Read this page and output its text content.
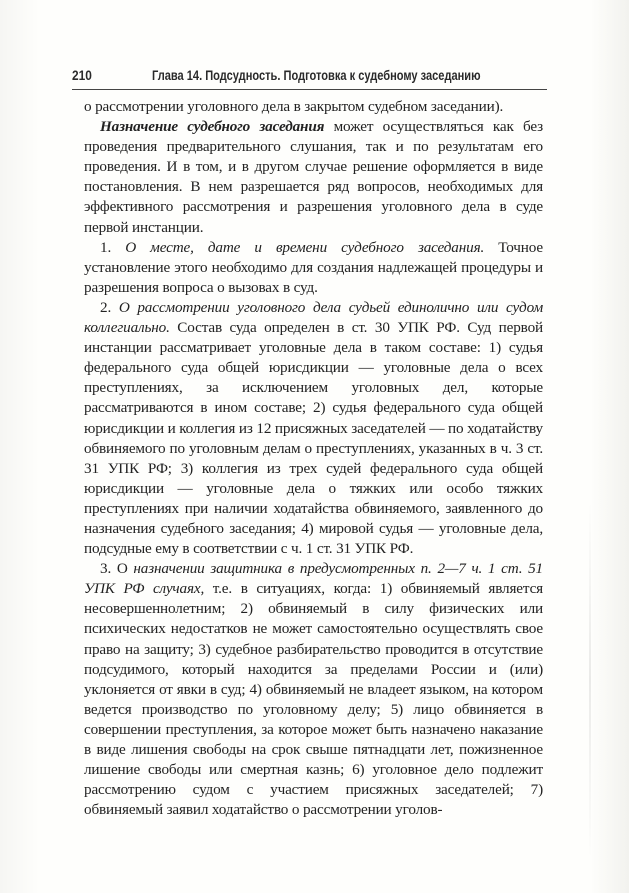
210	Глава 14. Подсудность. Подготовка к судебному заседанию

о рассмотрении уголовного дела в закрытом судебном заседании).

Назначение судебного заседания может осуществляться как без проведения предварительного слушания, так и по результатам его проведения. И в том, и в другом случае решение оформляется в виде постановления. В нем разрешается ряд вопросов, необходимых для эффективного рассмотрения и разрешения уголовного дела в суде первой инстанции.

1. О месте, дате и времени судебного заседания. Точное установление этого необходимо для создания надлежащей процедуры и разрешения вопроса о вызовах в суд.

2. О рассмотрении уголовного дела судьей единолично или судом коллегиально. Состав суда определен в ст. 30 УПК РФ. Суд первой инстанции рассматривает уголовные дела в таком составе: 1) судья федерального суда общей юрисдикции — уголовные дела о всех преступлениях, за исключением уголовных дел, которые рассматриваются в ином составе; 2) судья федерального суда общей юрисдикции и коллегия из 12 присяжных заседателей — по ходатайству обвиняемого по уголовным делам о преступлениях, указанных в ч. 3 ст. 31 УПК РФ; 3) коллегия из трех судей федерального суда общей юрисдикции — уголовные дела о тяжких или особо тяжких преступлениях при наличии ходатайства обвиняемого, заявленного до назначения судебного заседания; 4) мировой судья — уголовные дела, подсудные ему в соответствии с ч. 1 ст. 31 УПК РФ.

3. О назначении защитника в предусмотренных п. 2—7 ч. 1 ст. 51 УПК РФ случаях, т.е. в ситуациях, когда: 1) обвиняемый является несовершеннолетним; 2) обвиняемый в силу физических или психических недостатков не может самостоятельно осуществлять свое право на защиту; 3) судебное разбирательство проводится в отсутствие подсудимого, который находится за пределами России и (или) уклоняется от явки в суд; 4) обвиняемый не владеет языком, на котором ведется производство по уголовному делу; 5) лицо обвиняется в совершении преступления, за которое может быть назначено наказание в виде лишения свободы на срок свыше пятнадцати лет, пожизненное лишение свободы или смертная казнь; 6) уголовное дело подлежит рассмотрению судом с участием присяжных заседателей; 7) обвиняемый заявил ходатайство о рассмотрении уголов-
